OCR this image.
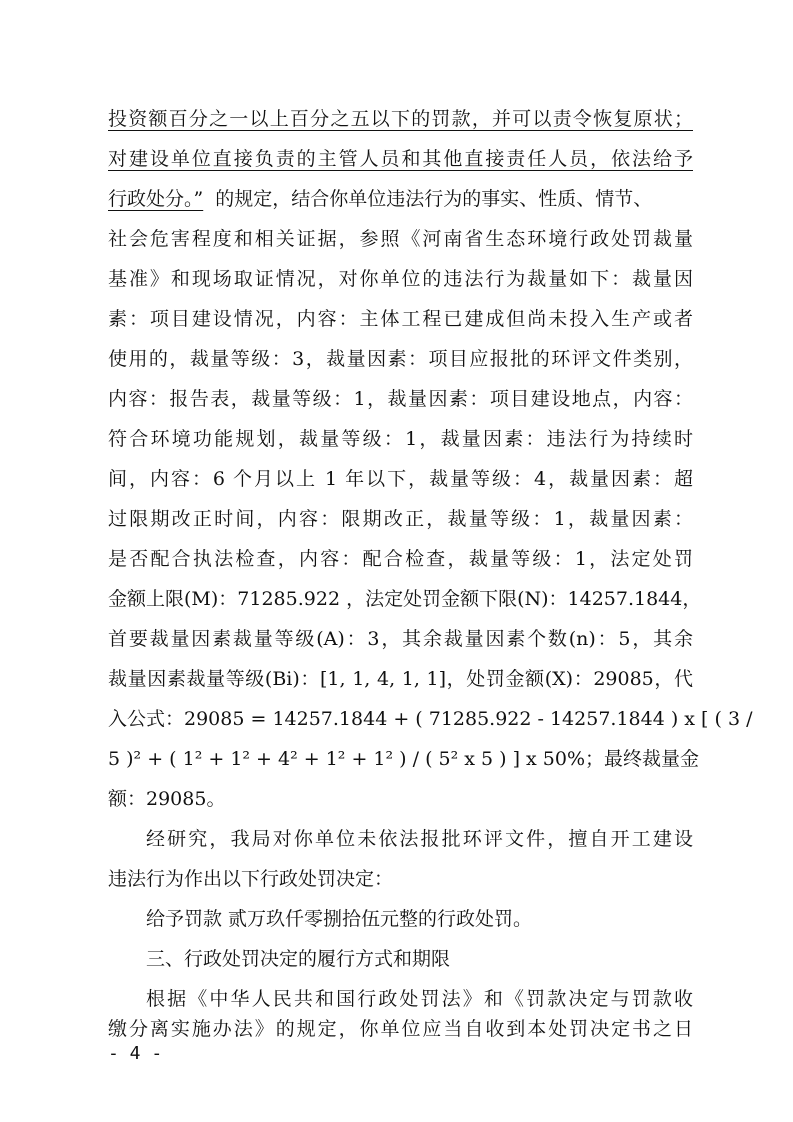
投资额百分之一以上百分之五以下的罚款，并可以责令恢复原状；
对建设单位直接负责的主管人员和其他直接责任人员，依法给予
行政处分。” 的规定，结合你单位违法行为的事实、性质、情节、
社会危害程度和相关证据，参照《河南省生态环境行政处罚裁量
基准》和现场取证情况，对你单位的违法行为裁量如下：裁量因
素：项目建设情况，内容：主体工程已建成但尚未投入生产或者
使用的，裁量等级：3，裁量因素：项目应报批的环评文件类别，
内容：报告表，裁量等级：1，裁量因素：项目建设地点，内容：
符合环境功能规划，裁量等级：1，裁量因素：违法行为持续时
间，内容：6 个月以上 1 年以下，裁量等级：4，裁量因素：超
过限期改正时间，内容：限期改正，裁量等级：1，裁量因素：
是否配合执法检查，内容：配合检查，裁量等级：1，法定处罚
金额上限(M)：71285.922 ，法定处罚金额下限(N)：14257.1844，
首要裁量因素裁量等级(A)：3，其余裁量因素个数(n)：5，其余
裁量因素裁量等级(Bi)：[1, 1, 4, 1, 1]，处罚金额(X)：29085，代
入公式：29085 = 14257.1844 + ( 71285.922 - 14257.1844 ) x [ ( 3 /
5 )² + ( 1² + 1² + 4² + 1² + 1² ) / ( 5² x 5 ) ] x 50%；最终裁量金
额：29085。
经研究，我局对你单位未依法报批环评文件，擅自开工建设
违法行为作出以下行政处罚决定：
给予罚款 贰万玖仟零捌拾伍元整的行政处罚。
三、行政处罚决定的履行方式和期限
根据《中华人民共和国行政处罚法》和《罚款决定与罚款收
缴分离实施办法》的规定，你单位应当自收到本处罚决定书之日
- 4 -
